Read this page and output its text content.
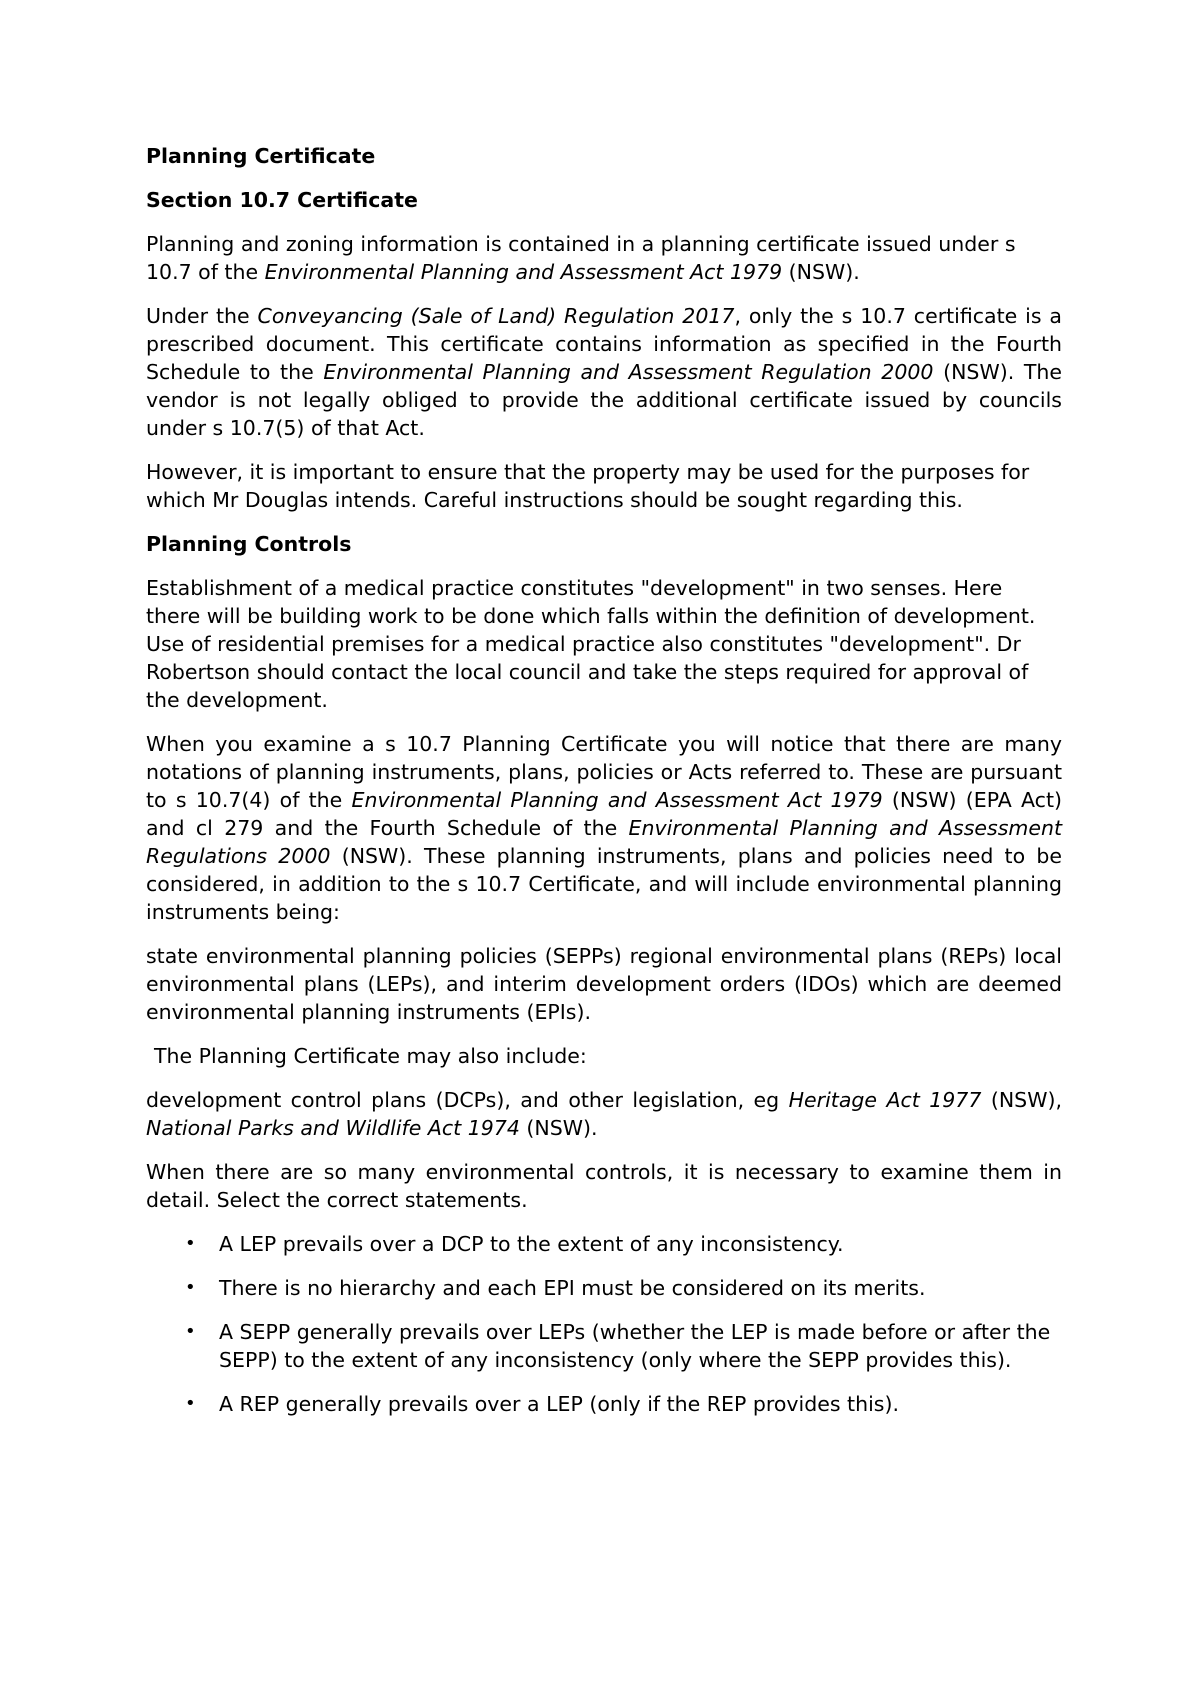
Planning Certificate
Section 10.7 Certificate

Planning and zoning information is contained in a planning certificate issued under s 10.7 of the Environmental Planning and Assessment Act 1979 (NSW).

Under the Conveyancing (Sale of Land) Regulation 2017, only the s 10.7 certificate is a prescribed document. This certificate contains information as specified in the Fourth Schedule to the Environmental Planning and Assessment Regulation 2000 (NSW). The vendor is not legally obliged to provide the additional certificate issued by councils under s 10.7(5) of that Act.

However, it is important to ensure that the property may be used for the purposes for which Mr Douglas intends. Careful instructions should be sought regarding this.

Planning Controls

Establishment of a medical practice constitutes "development" in two senses. Here there will be building work to be done which falls within the definition of development. Use of residential premises for a medical practice also constitutes "development". Dr Robertson should contact the local council and take the steps required for approval of the development.

When you examine a s 10.7 Planning Certificate you will notice that there are many notations of planning instruments, plans, policies or Acts referred to. These are pursuant to s 10.7(4) of the Environmental Planning and Assessment Act 1979 (NSW) (EPA Act) and cl 279 and the Fourth Schedule of the Environmental Planning and Assessment Regulations 2000 (NSW). These planning instruments, plans and policies need to be considered, in addition to the s 10.7 Certificate, and will include environmental planning instruments being:

state environmental planning policies (SEPPs) regional environmental plans (REPs) local environmental plans (LEPs), and interim development orders (IDOs) which are deemed environmental planning instruments (EPIs).

The Planning Certificate may also include:

development control plans (DCPs), and other legislation, eg Heritage Act 1977 (NSW), National Parks and Wildlife Act 1974 (NSW).

When there are so many environmental controls, it is necessary to examine them in detail. Select the correct statements.

• A LEP prevails over a DCP to the extent of any inconsistency.
• There is no hierarchy and each EPI must be considered on its merits.
• A SEPP generally prevails over LEPs (whether the LEP is made before or after the SEPP) to the extent of any inconsistency (only where the SEPP provides this).
• A REP generally prevails over a LEP (only if the REP provides this).
